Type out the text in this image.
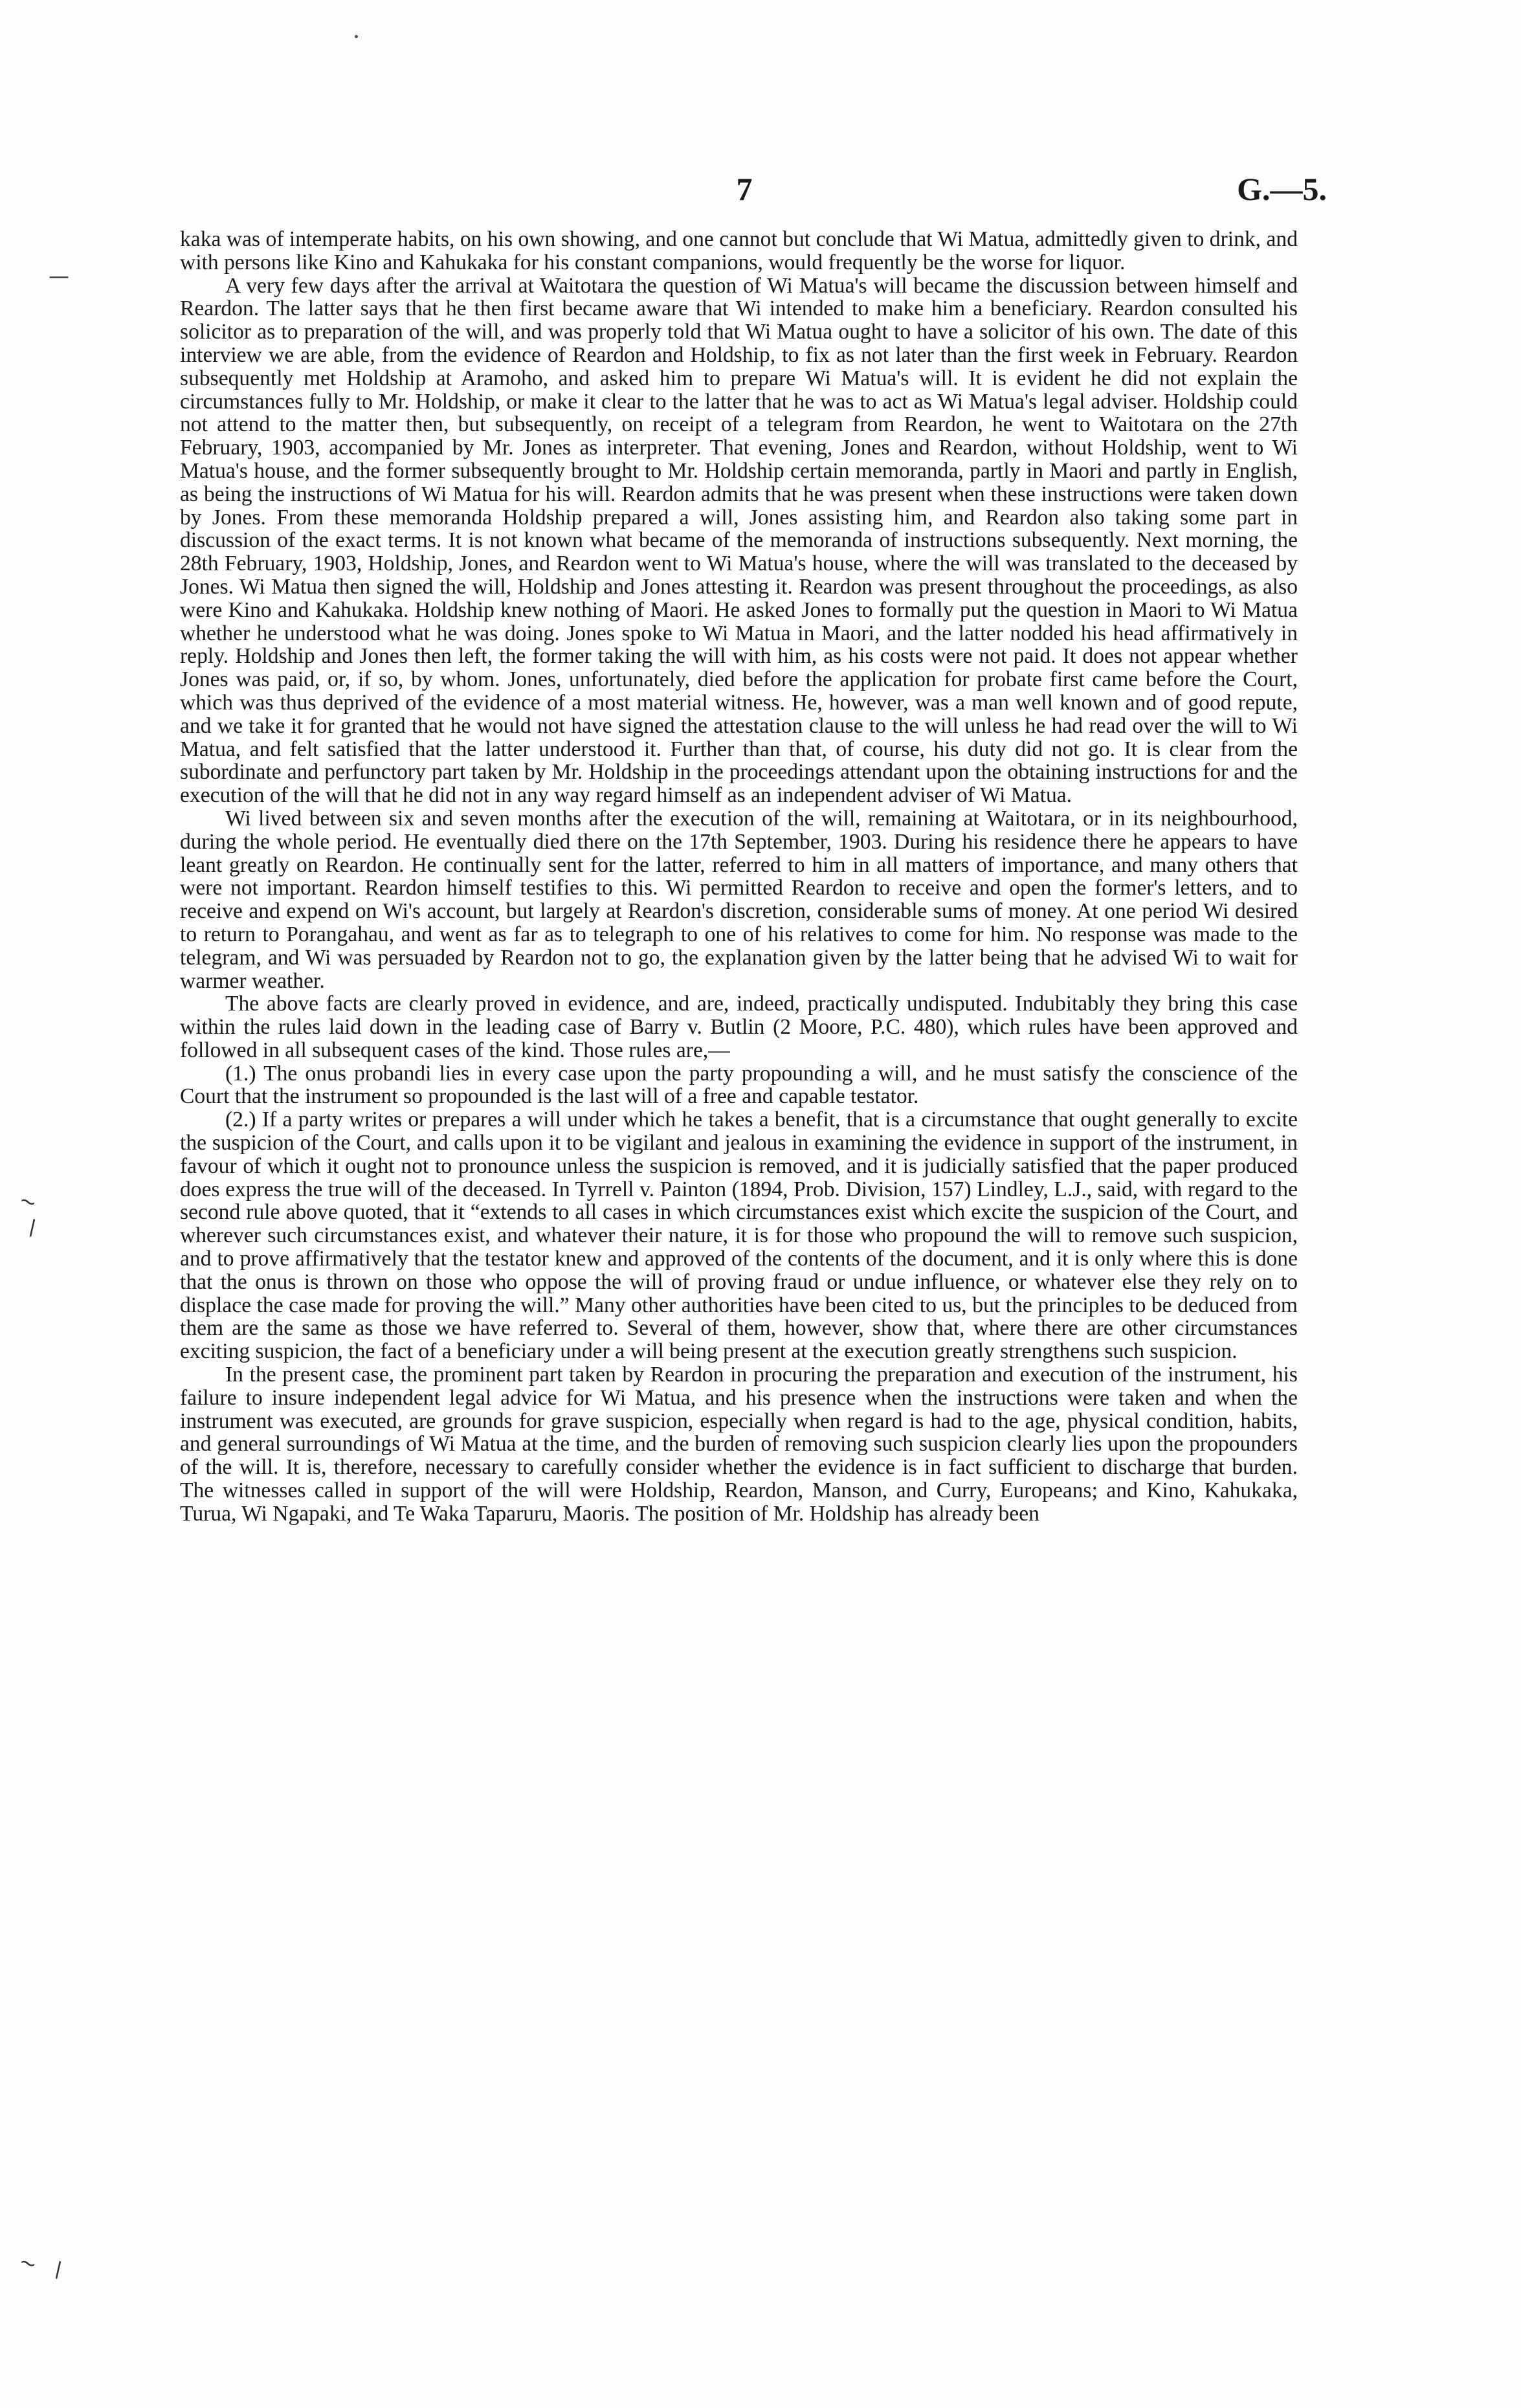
7	G.—5.
—
~
\
~ \

kaka was of intemperate habits, on his own showing, and one cannot but conclude that Wi Matua, admittedly given to drink, and with persons like Kino and Kahukaka for his constant companions, would frequently be the worse for liquor.

A very few days after the arrival at Waitotara the question of Wi Matua's will became the discussion between himself and Reardon. The latter says that he then first became aware that Wi intended to make him a beneficiary. Reardon consulted his solicitor as to preparation of the will, and was properly told that Wi Matua ought to have a solicitor of his own. The date of this interview we are able, from the evidence of Reardon and Holdship, to fix as not later than the first week in February. Reardon subsequently met Holdship at Aramoho, and asked him to prepare Wi Matua's will. It is evident he did not explain the circumstances fully to Mr. Holdship, or make it clear to the latter that he was to act as Wi Matua's legal adviser. Holdship could not attend to the matter then, but subsequently, on receipt of a telegram from Reardon, he went to Waitotara on the 27th February, 1903, accompanied by Mr. Jones as interpreter. That evening, Jones and Reardon, without Holdship, went to Wi Matua's house, and the former subsequently brought to Mr. Holdship certain memoranda, partly in Maori and partly in English, as being the instructions of Wi Matua for his will. Reardon admits that he was present when these instructions were taken down by Jones. From these memoranda Holdship prepared a will, Jones assisting him, and Reardon also taking some part in discussion of the exact terms. It is not known what became of the memoranda of instructions subsequently. Next morning, the 28th February, 1903, Holdship, Jones, and Reardon went to Wi Matua's house, where the will was translated to the deceased by Jones. Wi Matua then signed the will, Holdship and Jones attesting it. Reardon was present throughout the proceedings, as also were Kino and Kahukaka. Holdship knew nothing of Maori. He asked Jones to formally put the question in Maori to Wi Matua whether he understood what he was doing. Jones spoke to Wi Matua in Maori, and the latter nodded his head affirmatively in reply. Holdship and Jones then left, the former taking the will with him, as his costs were not paid. It does not appear whether Jones was paid, or, if so, by whom. Jones, unfortunately, died before the application for probate first came before the Court, which was thus deprived of the evidence of a most material witness. He, however, was a man well known and of good repute, and we take it for granted that he would not have signed the attestation clause to the will unless he had read over the will to Wi Matua, and felt satisfied that the latter understood it. Further than that, of course, his duty did not go. It is clear from the subordinate and perfunctory part taken by Mr. Holdship in the proceedings attendant upon the obtaining instructions for and the execution of the will that he did not in any way regard himself as an independent adviser of Wi Matua.

Wi lived between six and seven months after the execution of the will, remaining at Waitotara, or in its neighbourhood, during the whole period. He eventually died there on the 17th September, 1903. During his residence there he appears to have leant greatly on Reardon. He continually sent for the latter, referred to him in all matters of importance, and many others that were not important. Reardon himself testifies to this. Wi permitted Reardon to receive and open the former's letters, and to receive and expend on Wi's account, but largely at Reardon's discretion, considerable sums of money. At one period Wi desired to return to Porangahau, and went as far as to telegraph to one of his relatives to come for him. No response was made to the telegram, and Wi was persuaded by Reardon not to go, the explanation given by the latter being that he advised Wi to wait for warmer weather.

The above facts are clearly proved in evidence, and are, indeed, practically undisputed. Indubitably they bring this case within the rules laid down in the leading case of Barry v. Butlin (2 Moore, P.C. 480), which rules have been approved and followed in all subsequent cases of the kind. Those rules are,—

(1.) The onus probandi lies in every case upon the party propounding a will, and he must satisfy the conscience of the Court that the instrument so propounded is the last will of a free and capable testator.

(2.) If a party writes or prepares a will under which he takes a benefit, that is a circumstance that ought generally to excite the suspicion of the Court, and calls upon it to be vigilant and jealous in examining the evidence in support of the instrument, in favour of which it ought not to pronounce unless the suspicion is removed, and it is judicially satisfied that the paper produced does express the true will of the deceased. In Tyrrell v. Painton (1894, Prob. Division, 157) Lindley, L.J., said, with regard to the second rule above quoted, that it “extends to all cases in which circumstances exist which excite the suspicion of the Court, and wherever such circumstances exist, and whatever their nature, it is for those who propound the will to remove such suspicion, and to prove affirmatively that the testator knew and approved of the contents of the document, and it is only where this is done that the onus is thrown on those who oppose the will of proving fraud or undue influence, or whatever else they rely on to displace the case made for proving the will.” Many other authorities have been cited to us, but the principles to be deduced from them are the same as those we have referred to. Several of them, however, show that, where there are other circumstances exciting suspicion, the fact of a beneficiary under a will being present at the execution greatly strengthens such suspicion.

In the present case, the prominent part taken by Reardon in procuring the preparation and execution of the instrument, his failure to insure independent legal advice for Wi Matua, and his presence when the instructions were taken and when the instrument was executed, are grounds for grave suspicion, especially when regard is had to the age, physical condition, habits, and general surroundings of Wi Matua at the time, and the burden of removing such suspicion clearly lies upon the propounders of the will. It is, therefore, necessary to carefully consider whether the evidence is in fact sufficient to discharge that burden. The witnesses called in support of the will were Holdship, Reardon, Manson, and Curry, Europeans; and Kino, Kahukaka, Turua, Wi Ngapaki, and Te Waka Taparuru, Maoris. The position of Mr. Holdship has already been
